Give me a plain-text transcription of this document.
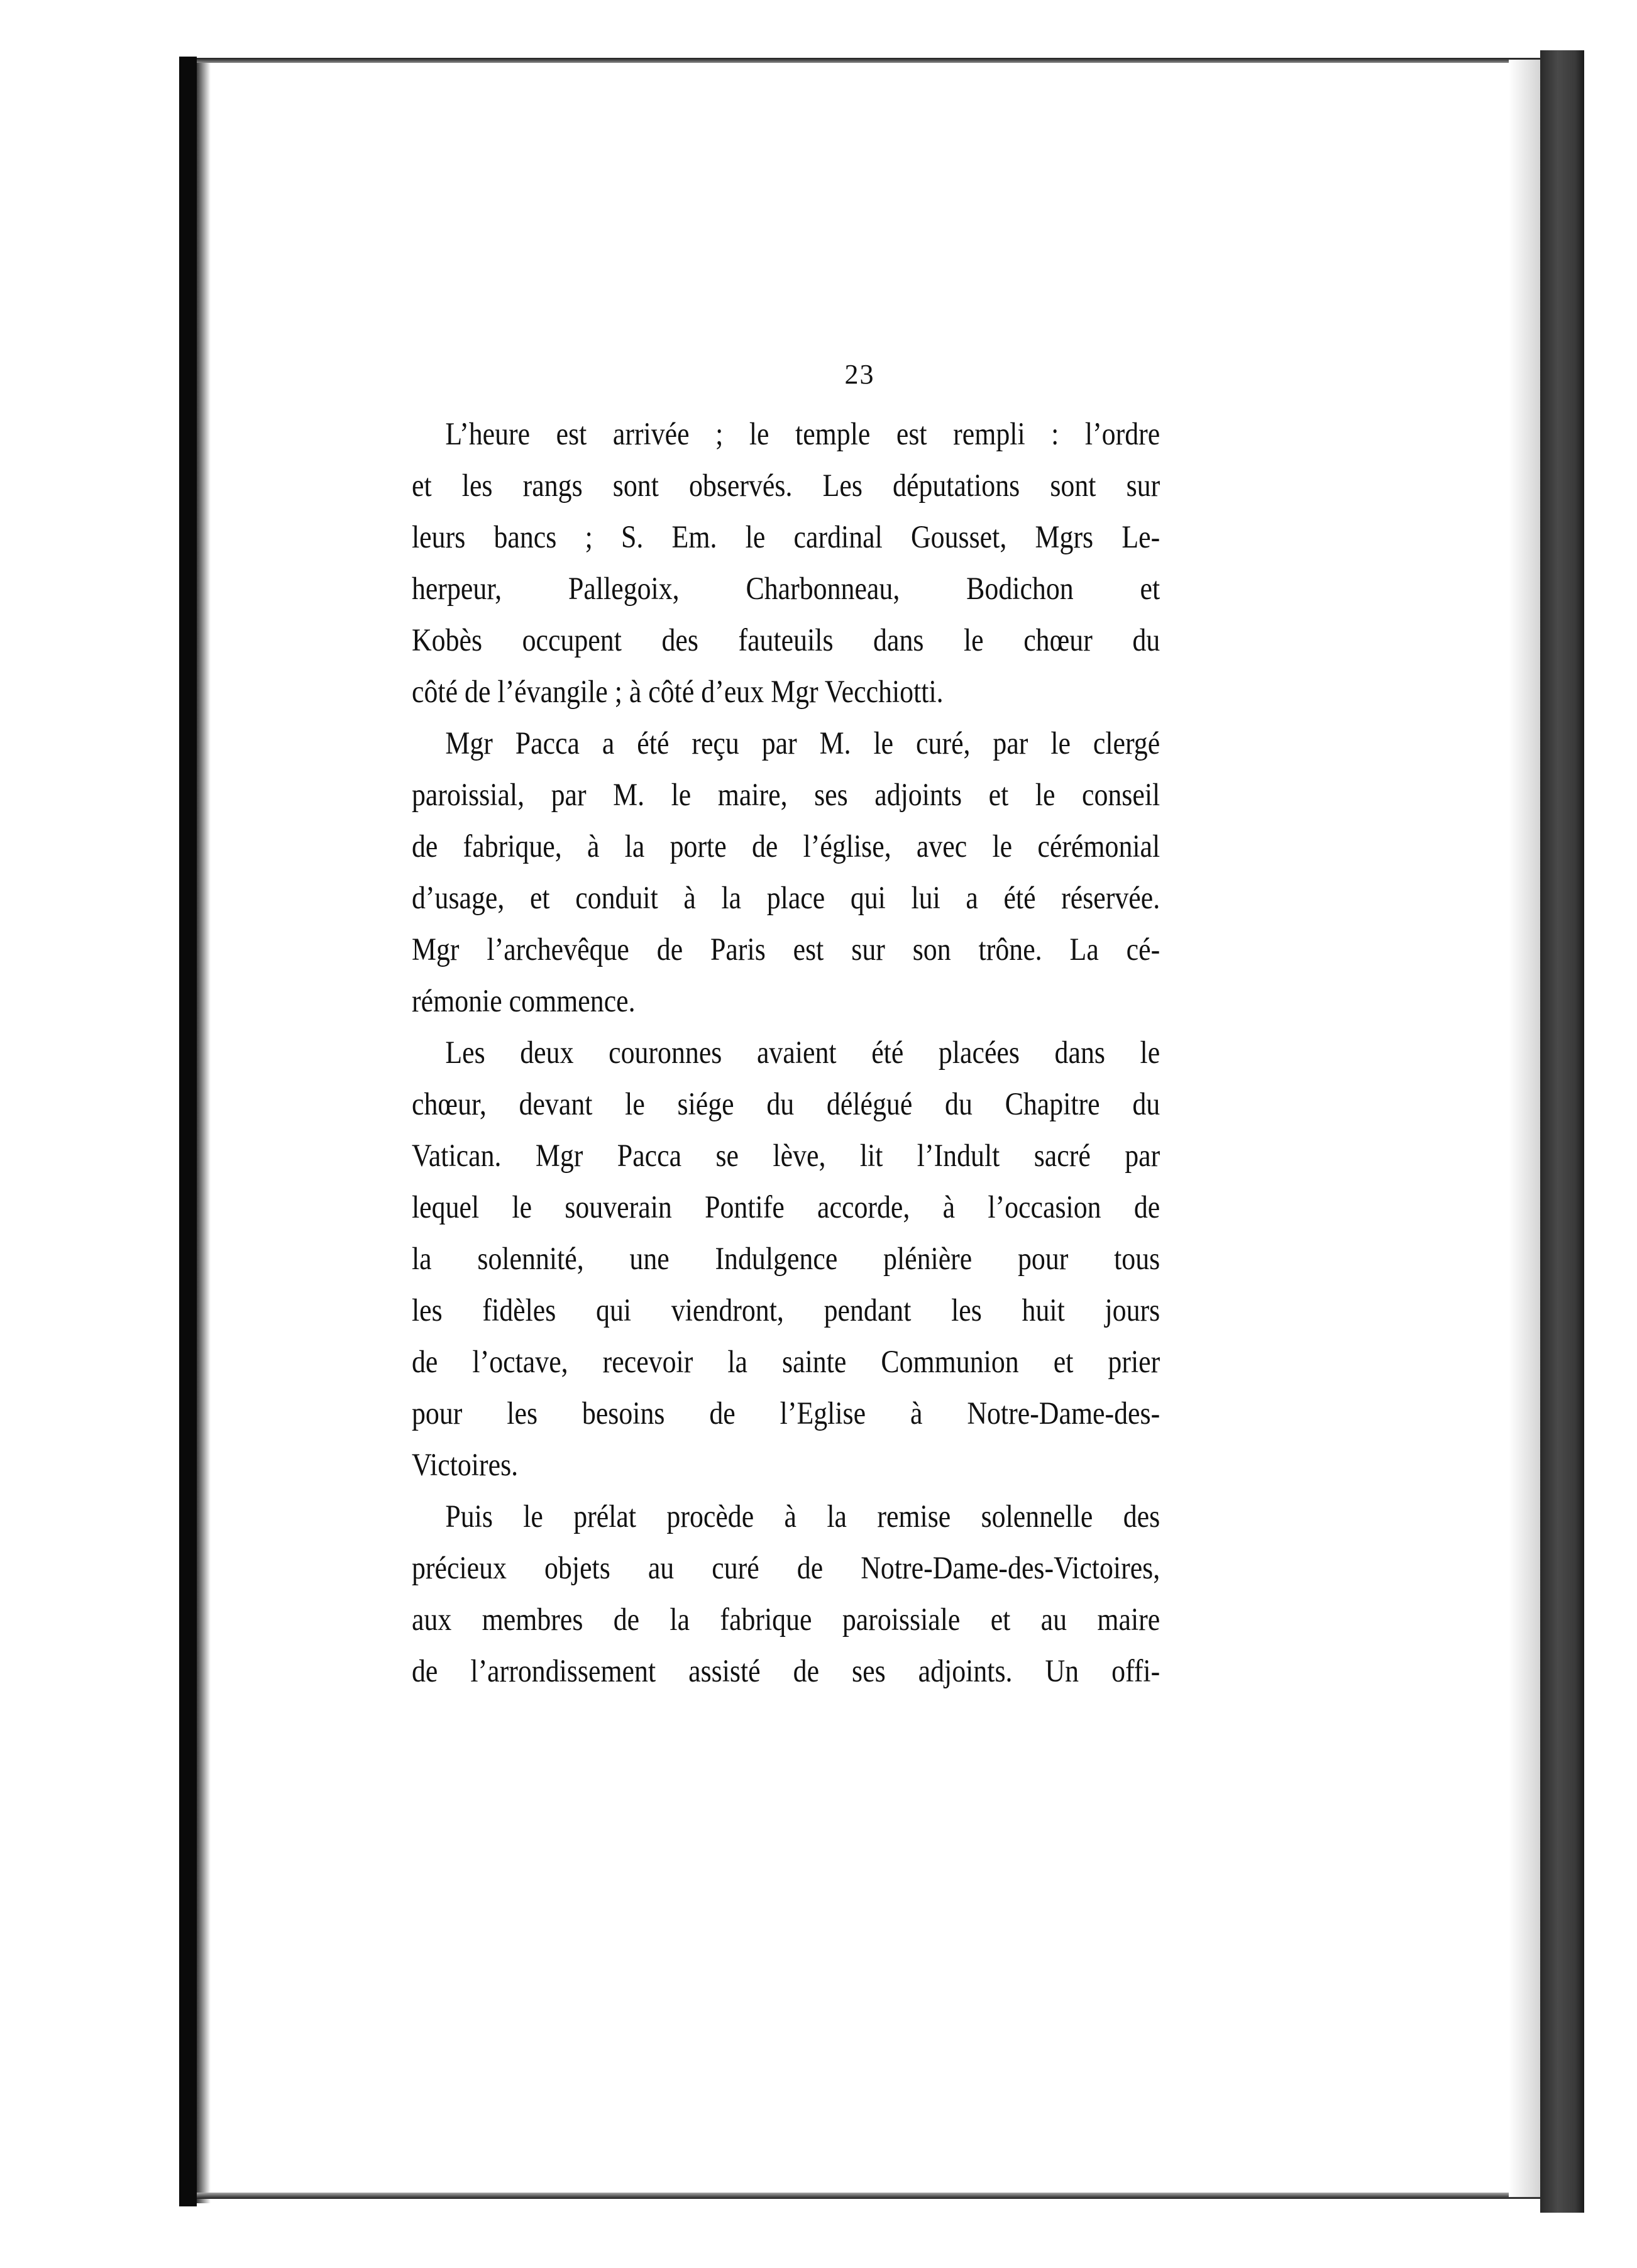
23
L’heure est arrivée ; le temple est rempli : l’ordre
et les rangs sont observés. Les députations sont sur
leurs bancs ; S. Em. le cardinal Gousset, Mgrs Le-
herpeur, Pallegoix, Charbonneau, Bodichon et
Kobès occupent des fauteuils dans le chœur du
côté de l’évangile ; à côté d’eux Mgr Vecchiotti.
Mgr Pacca a été reçu par M. le curé, par le clergé
paroissial, par M. le maire, ses adjoints et le conseil
de fabrique, à la porte de l’église, avec le cérémonial
d’usage, et conduit à la place qui lui a été réservée.
Mgr l’archevêque de Paris est sur son trône. La cé-
rémonie commence.
Les deux couronnes avaient été placées dans le
chœur, devant le siége du délégué du Chapitre du
Vatican. Mgr Pacca se lève, lit l’Indult sacré par
lequel le souverain Pontife accorde, à l’occasion de
la solennité, une Indulgence plénière pour tous
les fidèles qui viendront, pendant les huit jours
de l’octave, recevoir la sainte Communion et prier
pour les besoins de l’Eglise à Notre-Dame-des-
Victoires.
Puis le prélat procède à la remise solennelle des
précieux objets au curé de Notre-Dame-des-Victoires,
aux membres de la fabrique paroissiale et au maire
de l’arrondissement assisté de ses adjoints. Un offi-
